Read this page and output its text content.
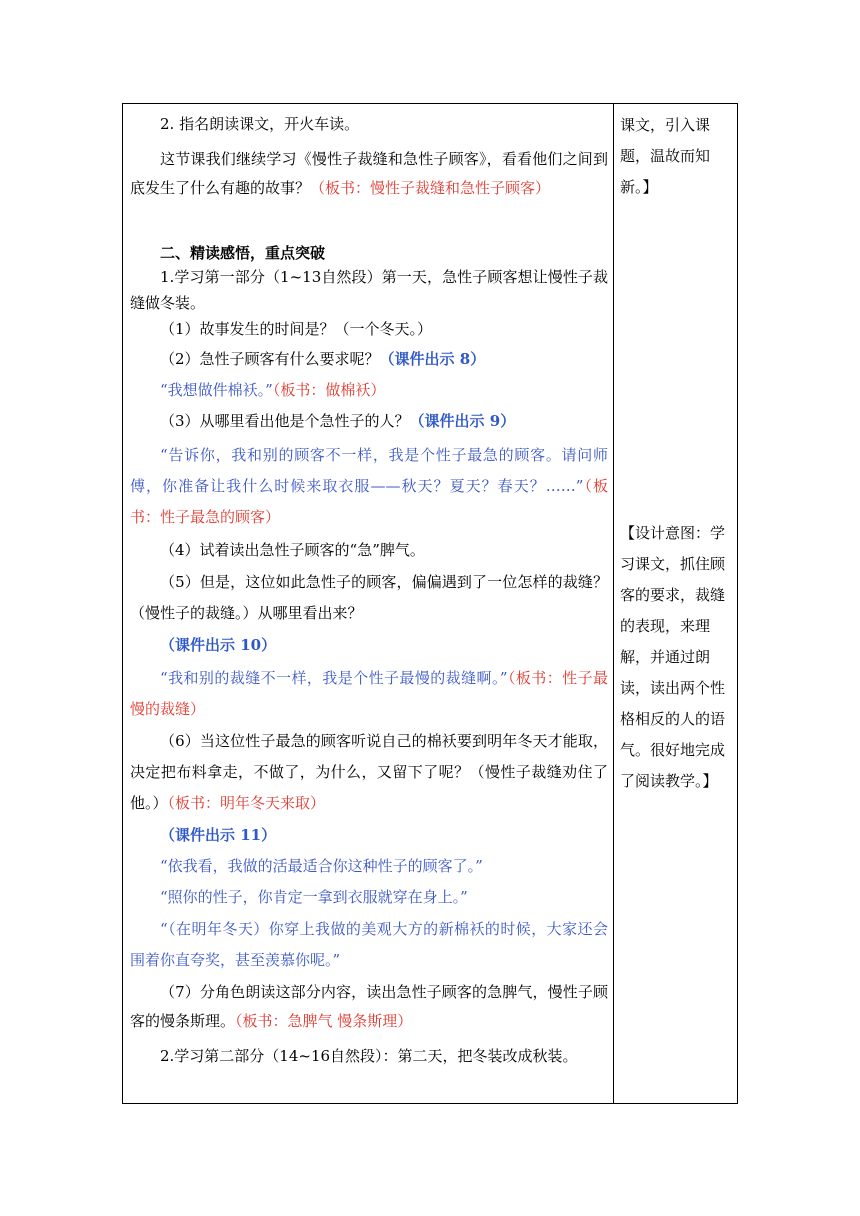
2. 指名朗读课文，开火车读。
这节课我们继续学习《慢性子裁缝和急性子顾客》，看看他们之间到底发生了什么有趣的故事？（板书：慢性子裁缝和急性子顾客）
二、精读感悟，重点突破
1.学习第一部分（1~13自然段）第一天，急性子顾客想让慢性子裁缝做冬装。
（1）故事发生的时间是？（一个冬天。）
（2）急性子顾客有什么要求呢？（课件出示 8）
“我想做件棉袄。”（板书：做棉袄）
（3）从哪里看出他是个急性子的人？（课件出示 9）
“告诉你，我和别的顾客不一样，我是个性子最急的顾客。请问师傅，你准备让我什么时候来取衣服——秋天？夏天？春天？……”（板书：性子最急的顾客）
（4）试着读出急性子顾客的“急”脾气。
（5）但是，这位如此急性子的顾客，偏偏遇到了一位怎样的裁缝？（慢性子的裁缝。）从哪里看出来？
（课件出示 10）
“我和别的裁缝不一样，我是个性子最慢的裁缝啊。”（板书：性子最慢的裁缝）
（6）当这位性子最急的顾客听说自己的棉袄要到明年冬天才能取，决定把布料拿走，不做了，为什么，又留下了呢？（慢性子裁缝劝住了他。）（板书：明年冬天来取）
（课件出示 11）
“依我看，我做的活最适合你这种性子的顾客了。”
“照你的性子，你肯定一拿到衣服就穿在身上。”
“（在明年冬天）你穿上我做的美观大方的新棉袄的时候，大家还会围着你直夸奖，甚至羡慕你呢。”
（7）分角色朗读这部分内容，读出急性子顾客的急脾气，慢性子顾客的慢条斯理。（板书：急脾气 慢条斯理）
2.学习第二部分（14~16自然段）：第二天，把冬装改成秋装。
课文，引入课题，温故而知新。】
【设计意图：学习课文，抓住顾客的要求，裁缝的表现，来理解，并通过朗读，读出两个性格相反的人的语气。很好地完成了阅读教学。】
